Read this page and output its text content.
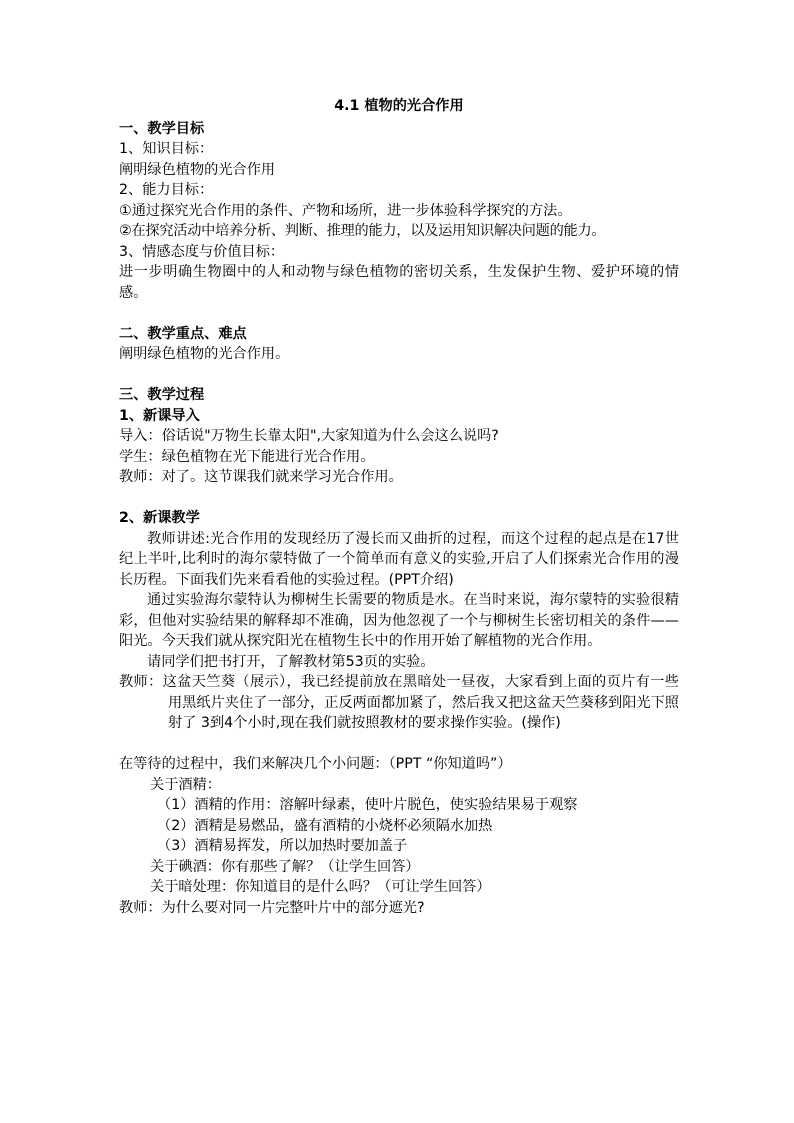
4.1 植物的光合作用

一、教学目标

1、知识目标：

阐明绿色植物的光合作用

2、能力目标：

①通过探究光合作用的条件、产物和场所，进一步体验科学探究的方法。

②在探究活动中培养分析、判断、推理的能力，以及运用知识解决问题的能力。

3、情感态度与价值目标：

进一步明确生物圈中的人和动物与绿色植物的密切关系，生发保护生物、爱护环境的情感。

二、教学重点、难点

阐明绿色植物的光合作用。

三、教学过程

1、新课导入

导入：俗话说"万物生长靠太阳",大家知道为什么会这么说吗?

学生：绿色植物在光下能进行光合作用。

教师：对了。这节课我们就来学习光合作用。

2、新课教学

教师讲述:光合作用的发现经历了漫长而又曲折的过程，而这个过程的起点是在17世纪上半叶,比利时的海尔蒙特做了一个简单而有意义的实验,开启了人们探索光合作用的漫长历程。下面我们先来看看他的实验过程。(PPT介绍)

通过实验海尔蒙特认为柳树生长需要的物质是水。在当时来说，海尔蒙特的实验很精彩，但他对实验结果的解释却不准确，因为他忽视了一个与柳树生长密切相关的条件——阳光。今天我们就从探究阳光在植物生长中的作用开始了解植物的光合作用。

请同学们把书打开，了解教材第53页的实验。

教师：这盆天竺葵（展示），我已经提前放在黑暗处一昼夜，大家看到上面的页片有一些用黑纸片夹住了一部分，正反两面都加紧了，然后我又把这盆天竺葵移到阳光下照射了 3到4个小时,现在我们就按照教材的要求操作实验。(操作)

在等待的过程中，我们来解决几个小问题：（PPT “你知道吗”）

关于酒精：

（1）酒精的作用：溶解叶绿素，使叶片脱色，使实验结果易于观察

（2）酒精是易燃品，盛有酒精的小烧杯必须隔水加热

（3）酒精易挥发，所以加热时要加盖子

关于碘酒：你有那些了解？（让学生回答）

关于暗处理：你知道目的是什么吗？（可让学生回答）

教师：为什么要对同一片完整叶片中的部分遮光?
